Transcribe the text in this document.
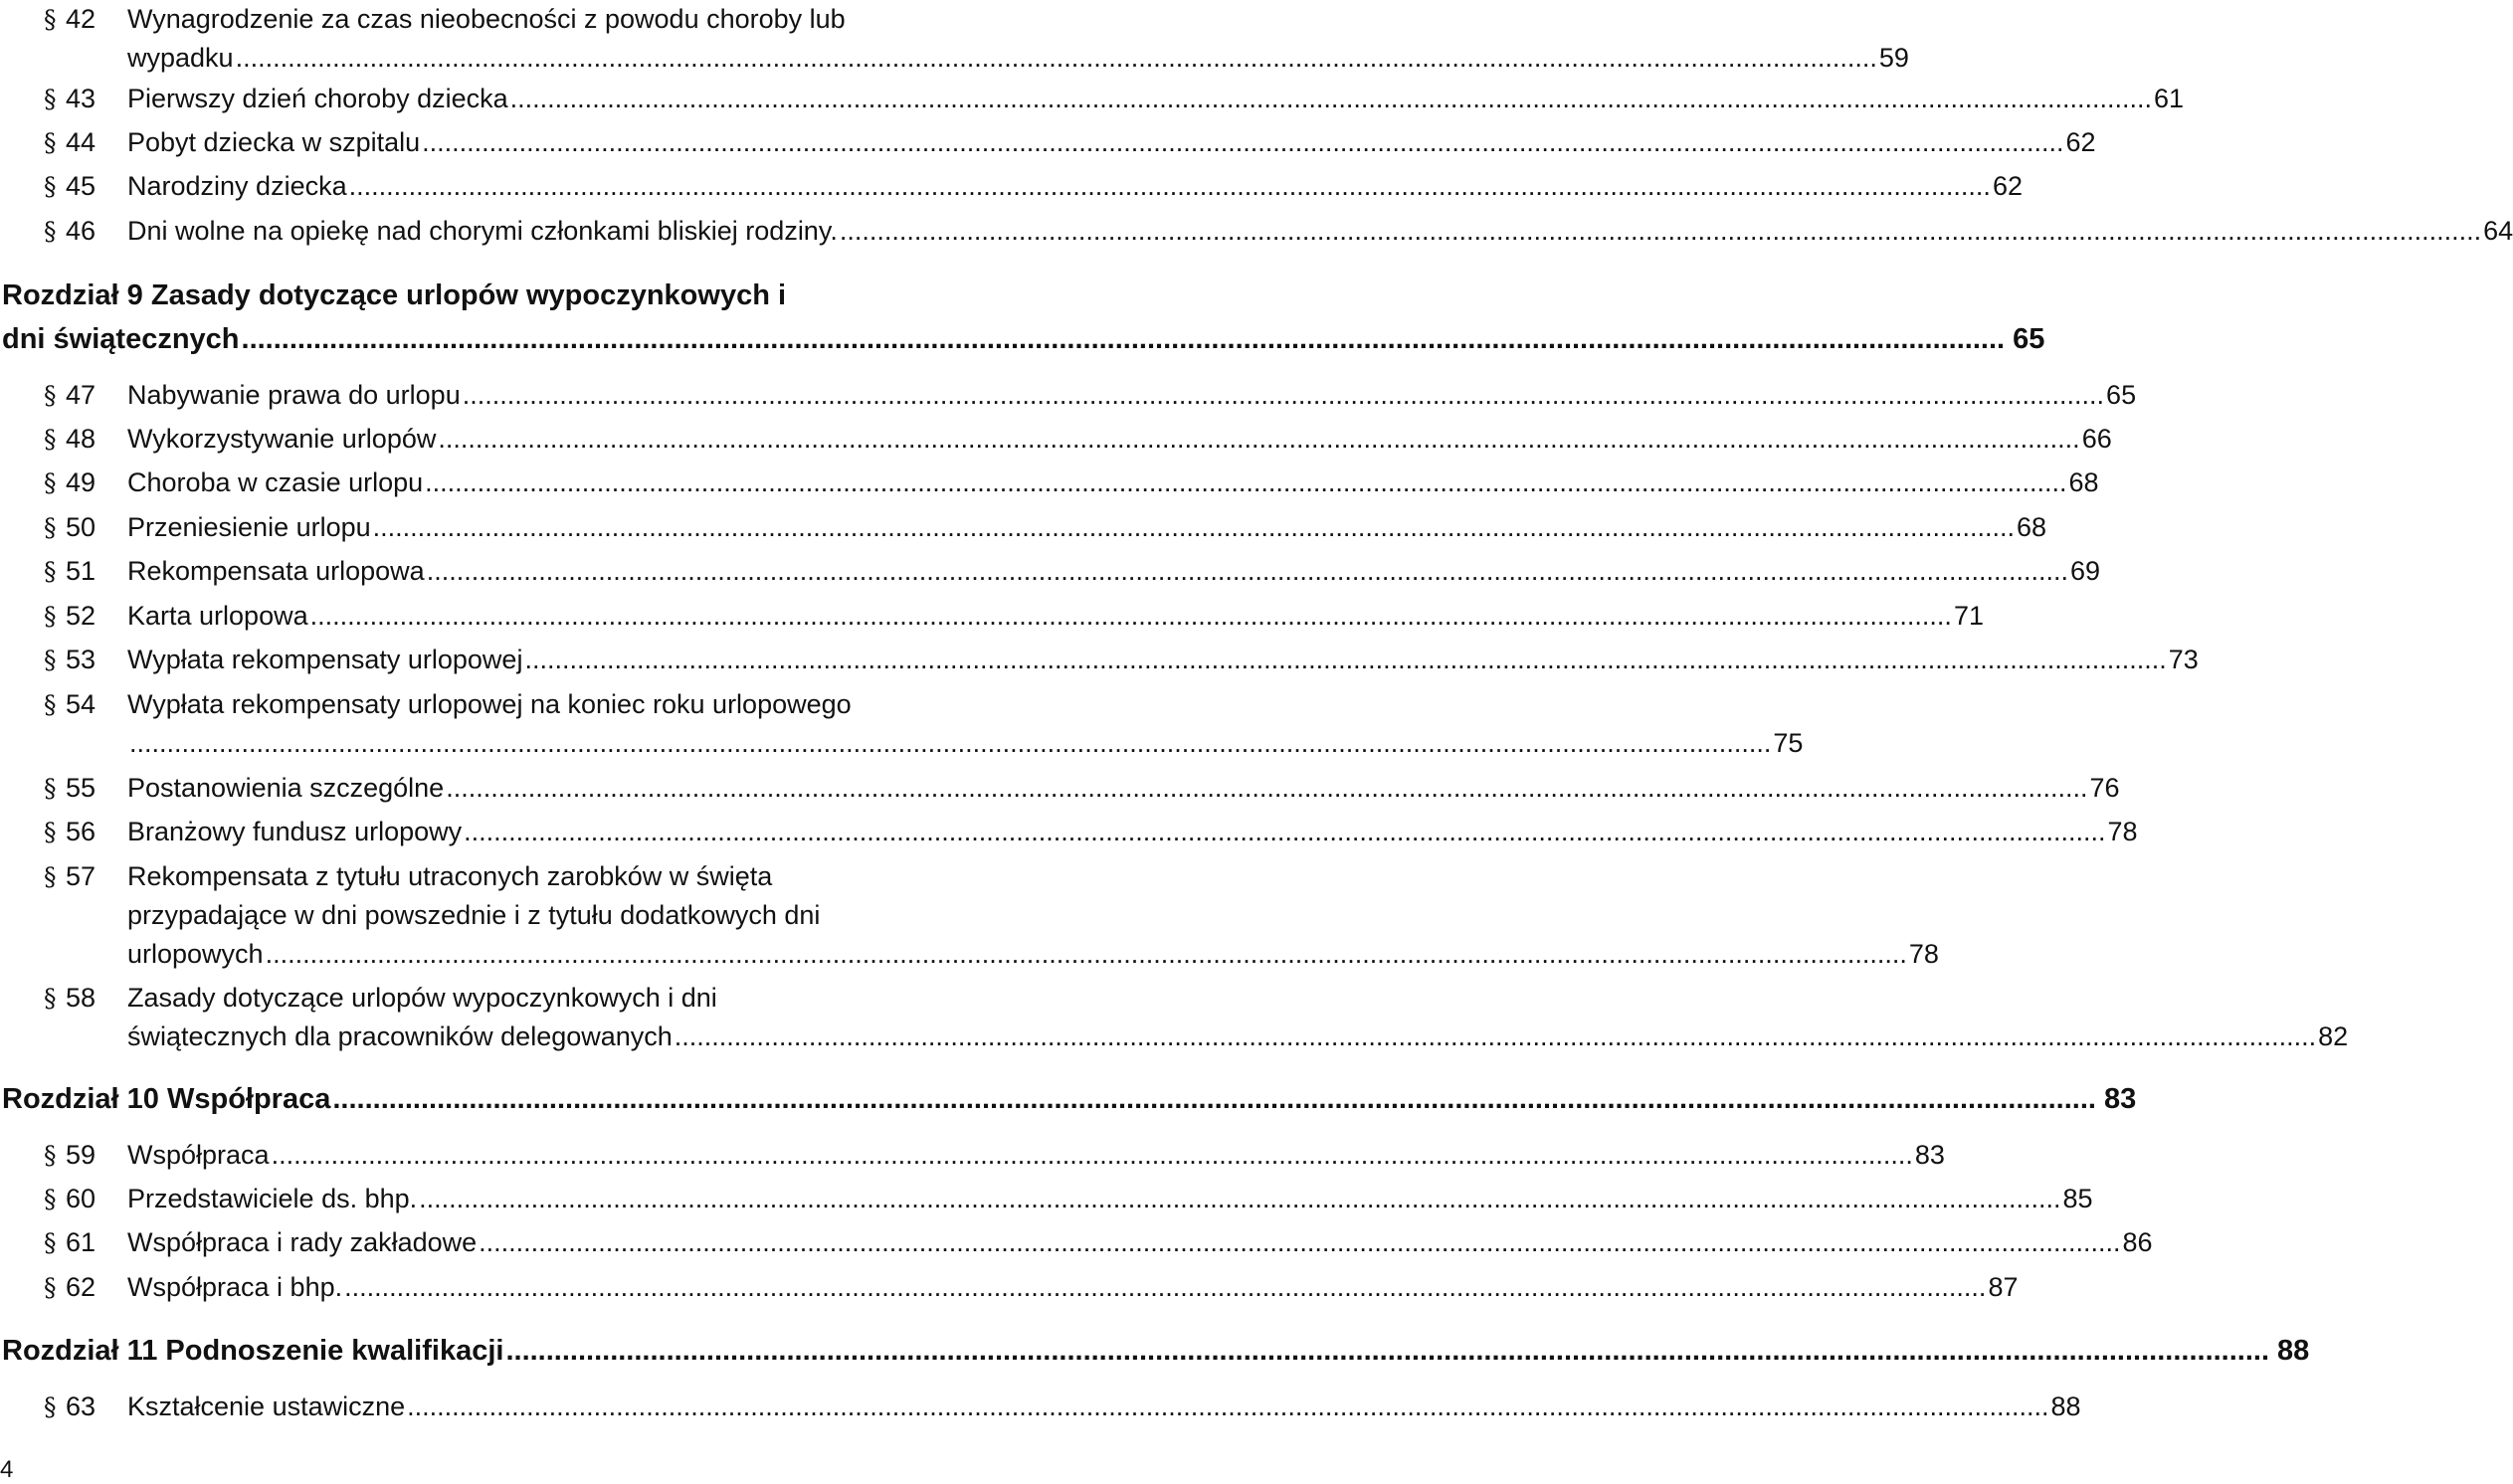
§ 42 Wynagrodzenie za czas nieobecności z powodu choroby lub
wypadku ............................................................................................................................................................................................................................ 59
§ 43 Pierwszy dzień choroby dziecka ............................................................................................................................................................................................................................ 61
§ 44 Pobyt dziecka w szpitalu ............................................................................................................................................................................................................................ 62
§ 45 Narodziny dziecka ............................................................................................................................................................................................................................ 62
§ 46 Dni wolne na opiekę nad chorymi członkami bliskiej rodziny. ............................................................................................................................................................................................................................ 64
Rozdział 9 Zasady dotyczące urlopów wypoczynkowych i
dni świątecznych ............................................................................................................................................................................................................................ 65
§ 47 Nabywanie prawa do urlopu ............................................................................................................................................................................................................................ 65
§ 48 Wykorzystywanie urlopów ............................................................................................................................................................................................................................ 66
§ 49 Choroba w czasie urlopu ............................................................................................................................................................................................................................ 68
§ 50 Przeniesienie urlopu ............................................................................................................................................................................................................................ 68
§ 51 Rekompensata urlopowa ............................................................................................................................................................................................................................ 69
§ 52 Karta urlopowa ............................................................................................................................................................................................................................ 71
§ 53 Wypłata rekompensaty urlopowej ............................................................................................................................................................................................................................ 73
§ 54 Wypłata rekompensaty urlopowej na koniec roku urlopowego
............................................................................................................................................................................................................................ 75
§ 55 Postanowienia szczególne ............................................................................................................................................................................................................................ 76
§ 56 Branżowy fundusz urlopowy ............................................................................................................................................................................................................................ 78
§ 57 Rekompensata z tytułu utraconych zarobków w święta
przypadające w dni powszednie i z tytułu dodatkowych dni
urlopowych ............................................................................................................................................................................................................................ 78
§ 58 Zasady dotyczące urlopów wypoczynkowych i dni
świątecznych dla pracowników delegowanych ............................................................................................................................................................................................................................ 82
Rozdział 10 Współpraca ............................................................................................................................................................................................................................ 83
§ 59 Współpraca ............................................................................................................................................................................................................................ 83
§ 60 Przedstawiciele ds. bhp. ............................................................................................................................................................................................................................ 85
§ 61 Współpraca i rady zakładowe ............................................................................................................................................................................................................................ 86
§ 62 Współpraca i bhp. ............................................................................................................................................................................................................................ 87
Rozdział 11 Podnoszenie kwalifikacji ............................................................................................................................................................................................................................ 88
§ 63 Kształcenie ustawiczne ............................................................................................................................................................................................................................ 88
4
